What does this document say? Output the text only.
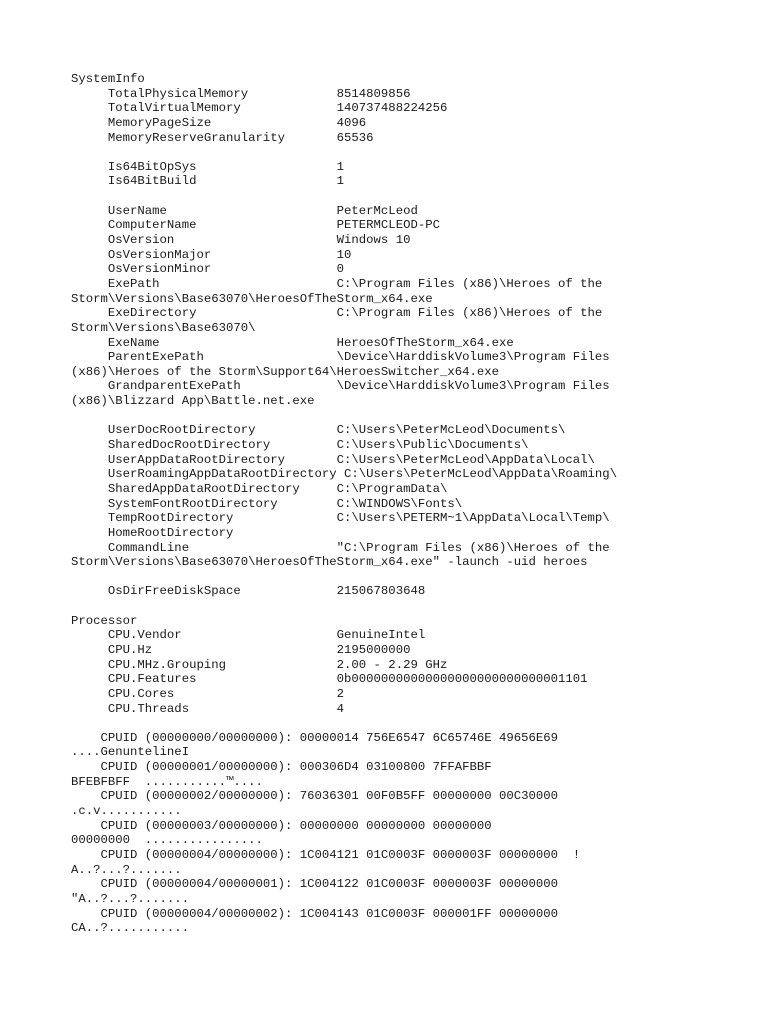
SystemInfo
TotalPhysicalMemory            8514809856
TotalVirtualMemory             140737488224256
MemoryPageSize                 4096
MemoryReserveGranularity       65536
Is64BitOpSys                   1
Is64BitBuild                   1
UserName                       PeterMcLeod
ComputerName                   PETERMCLEOD-PC
OsVersion                      Windows 10
OsVersionMajor                 10
OsVersionMinor                 0
ExePath                        C:\Program Files (x86)\Heroes of the
Storm\Versions\Base63070\HeroesOfTheStorm_x64.exe
ExeDirectory                   C:\Program Files (x86)\Heroes of the
Storm\Versions\Base63070\
ExeName                        HeroesOfTheStorm_x64.exe
ParentExePath                  \Device\HarddiskVolume3\Program Files
(x86)\Heroes of the Storm\Support64\HeroesSwitcher_x64.exe
GrandparentExePath             \Device\HarddiskVolume3\Program Files
(x86)\Blizzard App\Battle.net.exe
UserDocRootDirectory           C:\Users\PeterMcLeod\Documents\
SharedDocRootDirectory         C:\Users\Public\Documents\
UserAppDataRootDirectory       C:\Users\PeterMcLeod\AppData\Local\
UserRoamingAppDataRootDirectory C:\Users\PeterMcLeod\AppData\Roaming\
SharedAppDataRootDirectory     C:\ProgramData\
SystemFontRootDirectory        C:\WINDOWS\Fonts\
TempRootDirectory              C:\Users\PETERM~1\AppData\Local\Temp\
HomeRootDirectory
CommandLine                    "C:\Program Files (x86)\Heroes of the
Storm\Versions\Base63070\HeroesOfTheStorm_x64.exe" -launch -uid heroes
OsDirFreeDiskSpace             215067803648
Processor
CPU.Vendor                     GenuineIntel
CPU.Hz                         2195000000
CPU.MHz.Grouping               2.00 - 2.29 GHz
CPU.Features                   0b00000000000000000000000000001101
CPU.Cores                      2
CPU.Threads                    4
CPUID (00000000/00000000): 00000014 756E6547 6C65746E 49656E69
....GenuntelineI
CPUID (00000001/00000000): 000306D4 03100800 7FFAFBBF
BFEBFBFF  ...........™....
CPUID (00000002/00000000): 76036301 00F0B5FF 00000000 00C30000
.c.v...........
CPUID (00000003/00000000): 00000000 00000000 00000000
00000000  ................
CPUID (00000004/00000000): 1C004121 01C0003F 0000003F 00000000  !
A..?...?.......
CPUID (00000004/00000001): 1C004122 01C0003F 0000003F 00000000
"A..?...?.......
CPUID (00000004/00000002): 1C004143 01C0003F 000001FF 00000000
CA..?...........
